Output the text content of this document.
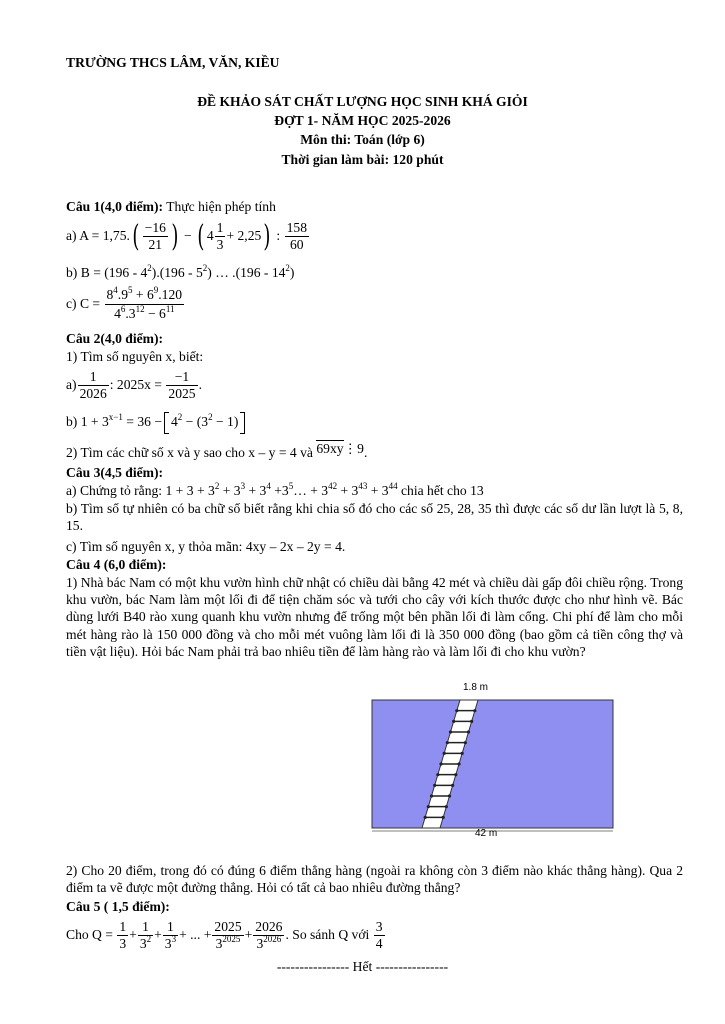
TRƯỜNG THCS LÂM, VĂN, KIỀU
ĐỀ KHẢO SÁT CHẤT LƯỢNG HỌC SINH KHÁ GIỎI
ĐỢT 1- NĂM HỌC 2025-2026
Môn thi: Toán (lớp 6)
Thời gian làm bài: 120 phút
Câu 1(4,0 điểm): Thực hiện phép tính
a) $A = 1,75.( \frac{-16}{21}$ ) − ( $4 \frac{1}{3} + 2,25$) : $\frac{158}{60}$
b) $B = (196 - 4^2).(196 - 5^2)$ … $.(196 - 14^2)$
c) $C = \frac{8^4.9^5 + 6^9.120}{4^6.3^{12} - 6^{11}}$
Câu 2(4,0 điểm):
1) Tìm số nguyên x, biết:
$a) \frac{1}{2026}$ : $2025x = \frac{-1}{2025}$ .
b) $1 + 3^{x-1} = 36 - 4^2 - (3^2 - 1)$
2) Tìm các chữ số x và y sao cho x – y = 4 và 69xy⋮9.
Câu 3(4,5 điểm):
a) Chứng tỏ rằng: $1 + 3 + 3^2 + 3^3 + 3^4$ $+3^5\dots + 3^{42} + 3^{43} + 3^{44}$ chia hết cho 13
b) Tìm số tự nhiên có ba chữ số biết rằng khi chia số đó cho các số 25, 28, 35 thì được các số dư lần lượt là 5, 8, 15.
c) Tìm số nguyên x, y thỏa mãn: 4xy – 2x – 2y = 4.
Câu 4 (6,0 điểm):
1) Nhà bác Nam có một khu vườn hình chữ nhật có chiều dài bằng 42 mét và chiều dài gấp đôi chiều rộng. Trong khu vườn, bác Nam làm một lối đi để tiện chăm sóc và tưới cho cây với kích thước được cho như hình vẽ. Bác dùng lưới B40 rào xung quanh khu vườn nhưng để trống một bên phần lối đi làm cổng. Chi phí để làm cho mỗi mét hàng rào là 150 000 đồng và cho mỗi mét vuông làm lối đi là 350 000 đồng (bao gồm cả tiền công thợ và tiền vật liệu). Hỏi bác Nam phải trả bao nhiêu tiền để làm hàng rào và làm lối đi cho khu vườn?
1.8 m
42 m
2) Cho 20 điểm, trong đó có đúng 6 điểm thẳng hàng (ngoài ra không còn 3 điểm nào khác thẳng hàng). Qua 2 điểm ta vẽ được một đường thẳng. Hỏi có tất cả bao nhiêu đường thẳng?
Câu 5 ( 1,5 điểm):
Cho $Q = \frac{1}{3} + \frac{1}{3^2} + \frac{1}{3^3}$ + ... + $\frac{2025}{3^{2025}} + \frac{2026}{3^{2026}}$ . So sánh Q với $\frac{3}{4}$
---------------- Hết ----------------
